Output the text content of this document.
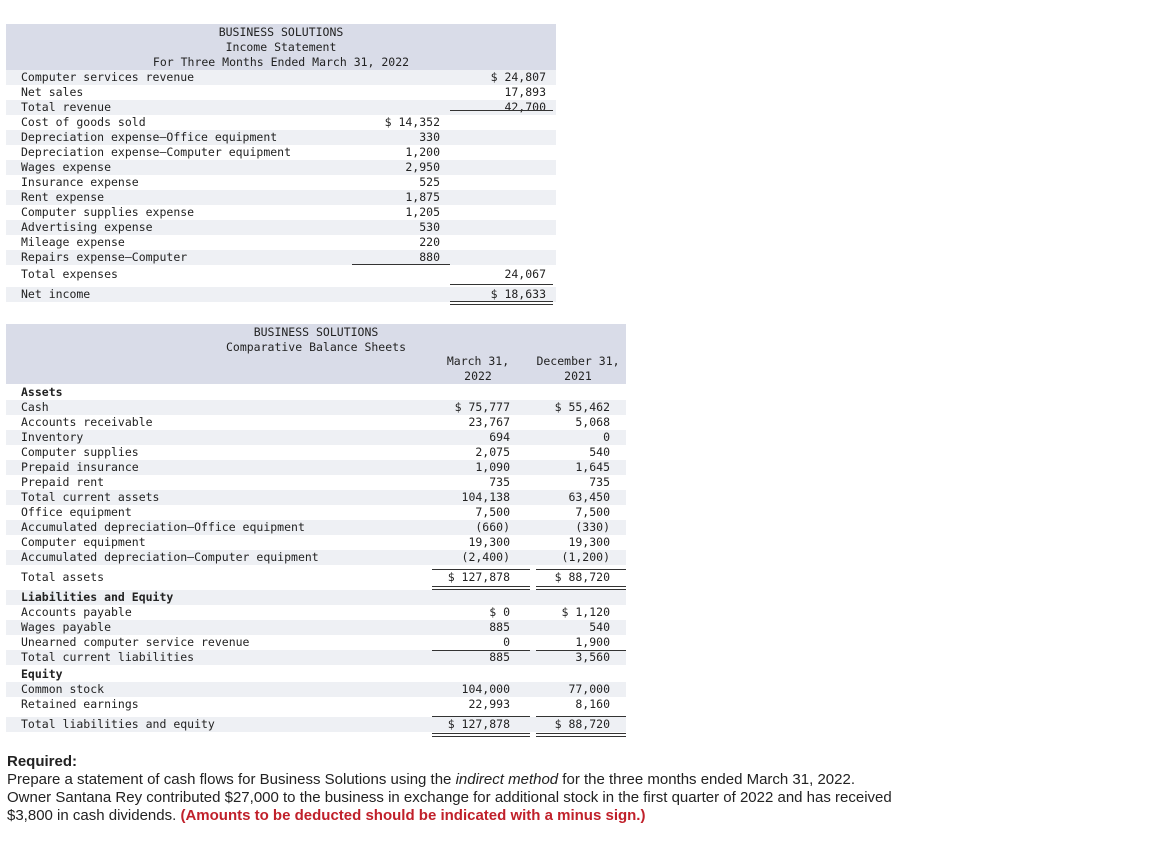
BUSINESS SOLUTIONS
Income Statement
For Three Months Ended March 31, 2022
Computer services revenue	$ 24,807
Net sales	17,893
Total revenue	42,700
Cost of goods sold	$ 14,352
Depreciation expense—Office equipment	330
Depreciation expense—Computer equipment	1,200
Wages expense	2,950
Insurance expense	525
Rent expense	1,875
Computer supplies expense	1,205
Advertising expense	530
Mileage expense	220
Repairs expense—Computer	880
Total expenses	24,067
Net income	$ 18,633
BUSINESS SOLUTIONS
Comparative Balance Sheets
March 31,
2022
December 31,
2021
Assets
Cash	$ 75,777	$ 55,462
Accounts receivable	23,767	5,068
Inventory	694	0
Computer supplies	2,075	540
Prepaid insurance	1,090	1,645
Prepaid rent	735	735
Total current assets	104,138	63,450
Office equipment	7,500	7,500
Accumulated depreciation—Office equipment	(660)	(330)
Computer equipment	19,300	19,300
Accumulated depreciation—Computer equipment	(2,400)	(1,200)
Total assets	$ 127,878	$ 88,720
Liabilities and Equity
Accounts payable	$ 0	$ 1,120
Wages payable	885	540
Unearned computer service revenue	0	1,900
Total current liabilities	885	3,560
Equity
Common stock	104,000	77,000
Retained earnings	22,993	8,160
Total liabilities and equity	$ 127,878	$ 88,720
Required:
Prepare a statement of cash flows for Business Solutions using the indirect method for the three months ended March 31, 2022.
Owner Santana Rey contributed $27,000 to the business in exchange for additional stock in the first quarter of 2022 and has received
$3,800 in cash dividends. (Amounts to be deducted should be indicated with a minus sign.)
